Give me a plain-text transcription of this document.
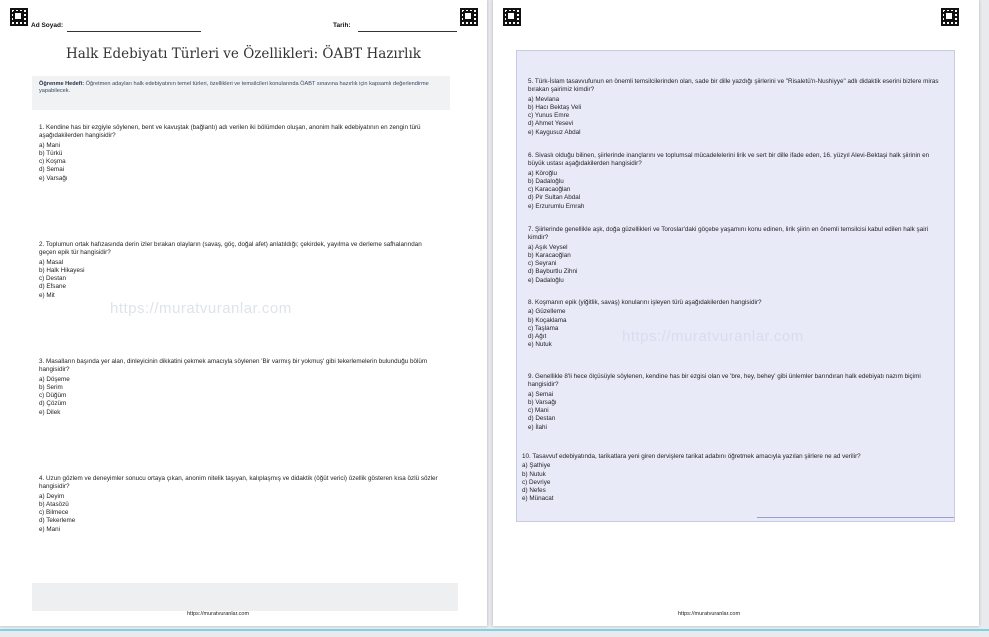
Ad Soyad:	Tarih:
Halk Edebiyatı Türleri ve Özellikleri: ÖABT Hazırlık
Öğrenme Hedefi: Öğretmen adayları halk edebiyatının temel türleri, özellikleri ve temsilcileri konularında ÖABT sınavına hazırlık için kapsamlı değerlendirme yapabilecek.
https://muratvuranlar.com
1. Kendine has bir ezgiyle söylenen, bent ve kavuştak (bağlantı) adı verilen iki bölümden oluşan, anonim halk edebiyatının en zengin türü aşağıdakilerden hangisidir?
a) Mani
b) Türkü
c) Koşma
d) Semai
e) Varsağı
2. Toplumun ortak hafızasında derin izler bırakan olayların (savaş, göç, doğal afet) anlatıldığı; çekirdek, yayılma ve derleme safhalarından geçen epik tür hangisidir?
a) Masal
b) Halk Hikayesi
c) Destan
d) Efsane
e) Mit
3. Masalların başında yer alan, dinleyicinin dikkatini çekmek amacıyla söylenen 'Bir varmış bir yokmuş' gibi tekerlemelerin bulunduğu bölüm hangisidir?
a) Döşeme
b) Serim
c) Düğüm
d) Çözüm
e) Dilek
4. Uzun gözlem ve deneyimler sonucu ortaya çıkan, anonim nitelik taşıyan, kalıplaşmış ve didaktik (öğüt verici) özellik gösteren kısa özlü sözler hangisidir?
a) Deyim
b) Atasözü
c) Bilmece
d) Tekerleme
e) Mani
https://muratvuranlar.com
https://muratvuranlar.com
5. Türk-İslam tasavvufunun en önemli temsilcilerinden olan, sade bir dille yazdığı şiirlerini ve "Risaletü'n-Nushiyye" adlı didaktik eserini bizlere miras bırakan şairimiz kimdir?
a) Mevlana
b) Hacı Bektaş Veli
c) Yunus Emre
d) Ahmet Yesevi
e) Kaygusuz Abdal
6. Sivaslı olduğu bilinen, şiirlerinde inançlarını ve toplumsal mücadelelerini lirik ve sert bir dille ifade eden, 16. yüzyıl Alevi-Bektaşi halk şiirinin en büyük ustası aşağıdakilerden hangisidir?
a) Köroğlu
b) Dadaloğlu
c) Karacaoğlan
d) Pir Sultan Abdal
e) Erzurumlu Emrah
7. Şiirlerinde genellikle aşk, doğa güzellikleri ve Toroslar'daki göçebe yaşamını konu edinen, lirik şiirin en önemli temsilcisi kabul edilen halk şairi kimdir?
a) Aşık Veysel
b) Karacaoğlan
c) Seyrani
d) Bayburtlu Zihni
e) Dadaloğlu
8. Koşmanın epik (yiğitlik, savaş) konularını işleyen türü aşağıdakilerden hangisidir?
a) Güzelleme
b) Koçaklama
c) Taşlama
d) Ağıt
e) Nutuk
9. Genellikle 8'li hece ölçüsüyle söylenen, kendine has bir ezgisi olan ve 'bre, hey, behey' gibi ünlemler barındıran halk edebiyatı nazım biçimi hangisidir?
a) Semai
b) Varsağı
c) Mani
d) Destan
e) İlahi
10. Tasavvuf edebiyatında, tarikatlara yeni giren dervişlere tarikat adabını öğretmek amacıyla yazılan şiirlere ne ad verilir?
a) Şathiye
b) Nutuk
c) Devriye
d) Nefes
e) Münacat
https://muratvuranlar.com
